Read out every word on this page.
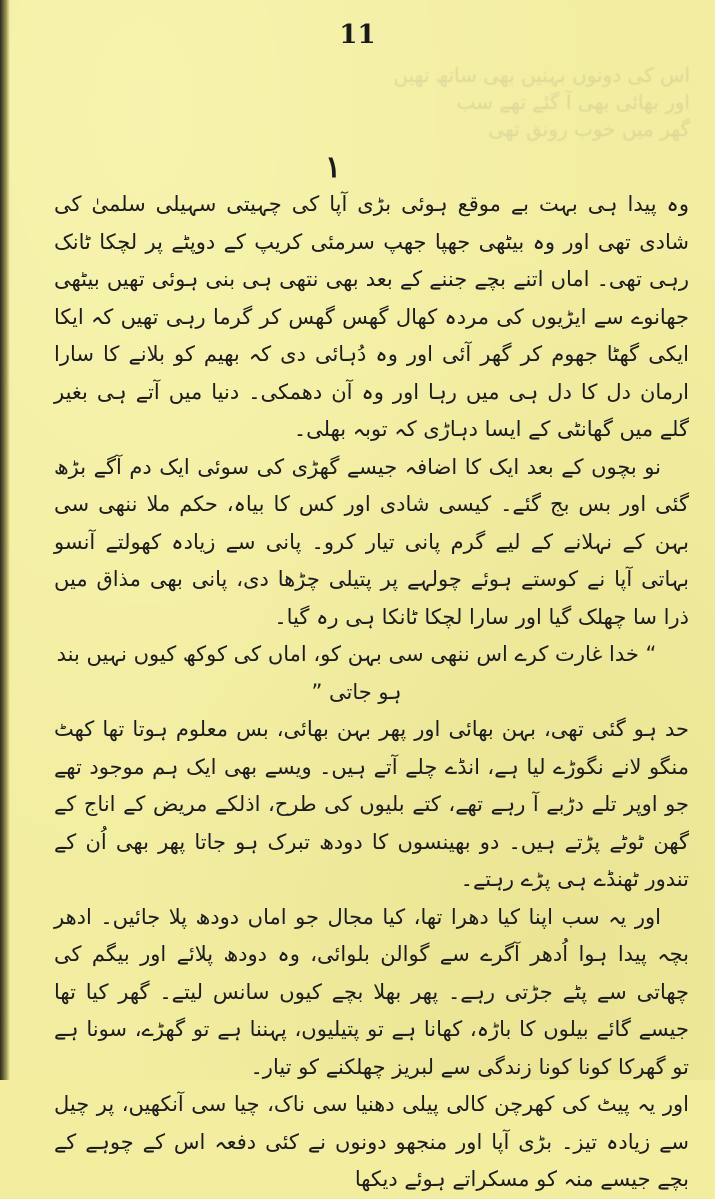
11
اس کی دونوں بہنیں بھی ساتھ تھیں
اور بھائی بھی آ گئے تھے سب
گھر میں خوب رونق تھی
۱

وہ پیدا ہی بہت بے موقع ہوئی بڑی آپا کی چہیتی سہیلی سلمیٰ کی شادی تھی اور وہ بیٹھی جھپا جھپ سرمئی کریپ کے دوپٹے پر لچکا ٹانک رہی تھی۔ اماں اتنے بچے جننے کے بعد بھی نتھی ہی بنی ہوئی تھیں بیٹھی جھانوے سے ایڑیوں کی مردہ کھال گھس گھس کر گرما رہی تھیں کہ ایکا ایکی گھٹا جھوم کر گھر آئی اور وہ دُہائی دی کہ بھیم کو بلانے کا سارا ارمان دل کا دل ہی میں رہا اور وہ آن دھمکی۔ دنیا میں آتے ہی بغیر گلے میں گھانٹی کے ایسا دہاڑی کہ توبہ بھلی۔

نو بچوں کے بعد ایک کا اضافہ جیسے گھڑی کی سوئی ایک دم آگے بڑھ گئی اور بس بج گئے۔ کیسی شادی اور کس کا بیاہ، حکم ملا ننھی سی بہن کے نہلانے کے لیے گرم پانی تیار کرو۔ پانی سے زیادہ کھولتے آنسو بہاتی آپا نے کوستے ہوئے چولہے پر پتیلی چڑھا دی، پانی بھی مذاق میں ذرا سا چھلک گیا اور سارا لچکا ٹانکا ہی رہ گیا۔

“ خدا غارت کرے اس ننھی سی بہن کو، اماں کی کوکھ کیوں نہیں بند ہو جاتی ”

حد ہو گئی تھی، بہن بھائی اور پھر بہن بھائی، بس معلوم ہوتا تھا کھٹ منگو لانے نگوڑے لیا ہے، انڈے چلے آتے ہیں۔ ویسے بھی ایک ہم موجود تھے جو اوپر تلے دڑبے آ رہے تھے، کتے بلیوں کی طرح، اذلکے مریض کے اناج کے گھن ٹوٹے پڑتے ہیں۔ دو بھینسوں کا دودھ تبرک ہو جاتا پھر بھی اُن کے تندور ٹھنڈے ہی پڑے رہتے۔

اور یہ سب اپنا کیا دھرا تھا، کیا مجال جو اماں دودھ پلا جائیں۔ ادھر بچہ پیدا ہوا اُدھر آگرے سے گوالن بلوائی، وہ دودھ پلائے اور بیگم کی چھاتی سے پٹے جڑتی رہے۔ پھر بھلا بچے کیوں سانس لیتے۔ گھر کیا تھا جیسے گائے بیلوں کا باڑہ، کھانا ہے تو پتیلیوں، پہننا ہے تو گھڑے، سونا ہے تو گھرکا کونا کونا زندگی سے لبریز چھلکنے کو تیار۔

اور یہ پیٹ کی کھرچن کالی پیلی دھنیا سی ناک، چیا سی آنکھیں، پر چیل سے زیادہ تیز۔ بڑی آپا اور منجھو دونوں نے کئی دفعہ اس کے چوہے کے بچے جیسے منہ کو مسکراتے ہوئے دیکھا
